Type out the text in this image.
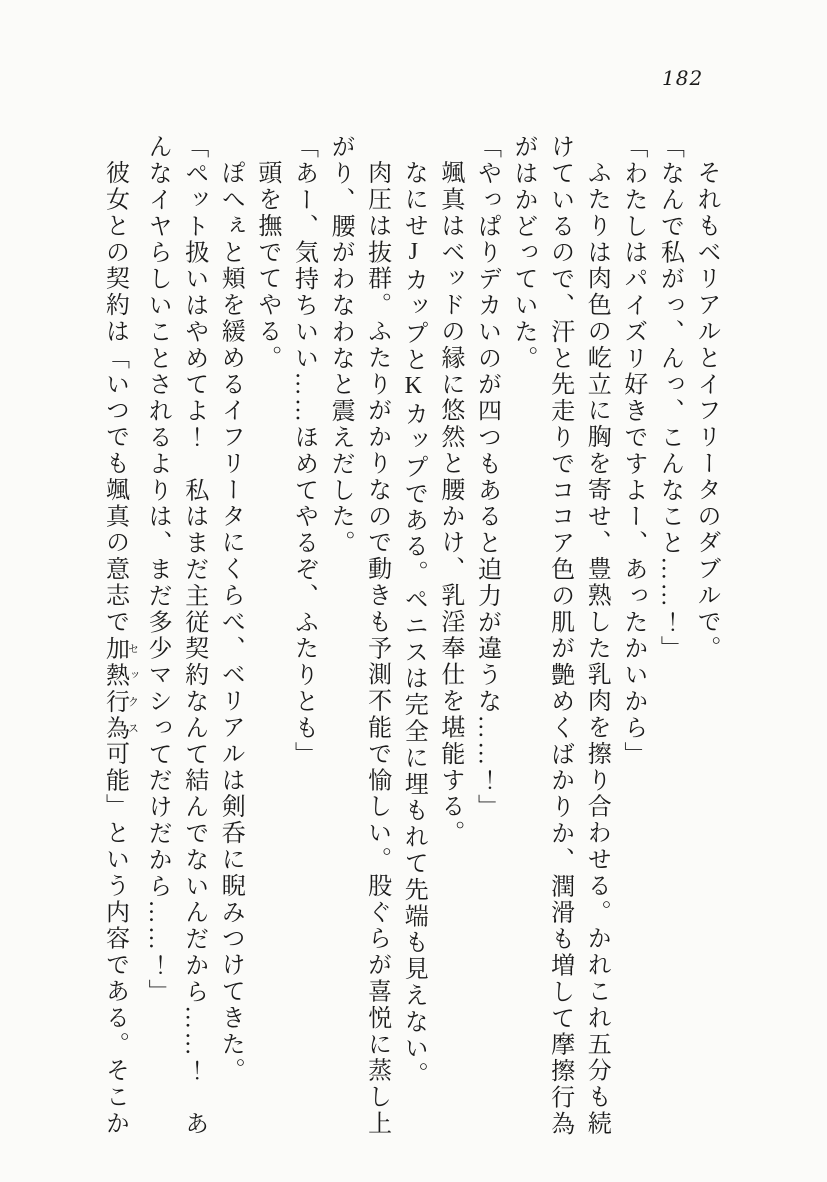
182

それもベリアルとイフリータのダブルで。

「なんで私がっ、んっ、こんなこと……！」

「わたしはパイズリ好きですよー、あったかいから」

ふたりは肉色の屹立に胸を寄せ、豊熟した乳肉を擦り合わせる。かれこれ五分も続

けているので、汗と先走りでココア色の肌が艶めくばかりか、潤滑も増して摩擦行為

がはかどっていた。

「やっぱりデカいのが四つもあると迫力が違うな……！」

颯真はベッドの縁に悠然と腰かけ、乳淫奉仕を堪能する。

なにせJカップとKカップである。ペニスは完全に埋もれて先端も見えない。

肉圧は抜群。ふたりがかりなので動きも予測不能で愉しい。股ぐらが喜悦に蒸し上

がり、腰がわなわなと震えだした。

「あー、気持ちいい……ほめてやるぞ、ふたりとも」

頭を撫でてやる。

ぽへぇと頬を緩めるイフリータにくらべ、ベリアルは剣呑に睨みつけてきた。

「ペット扱いはやめてよ！　私はまだ主従契約なんて結んでないんだから……！　あ

んなイヤらしいことされるよりは、まだ多少マシってだけだから……！」

彼女との契約は「いつでも颯真の意志で加熱行為 セックス可能」という内容である。そこか
